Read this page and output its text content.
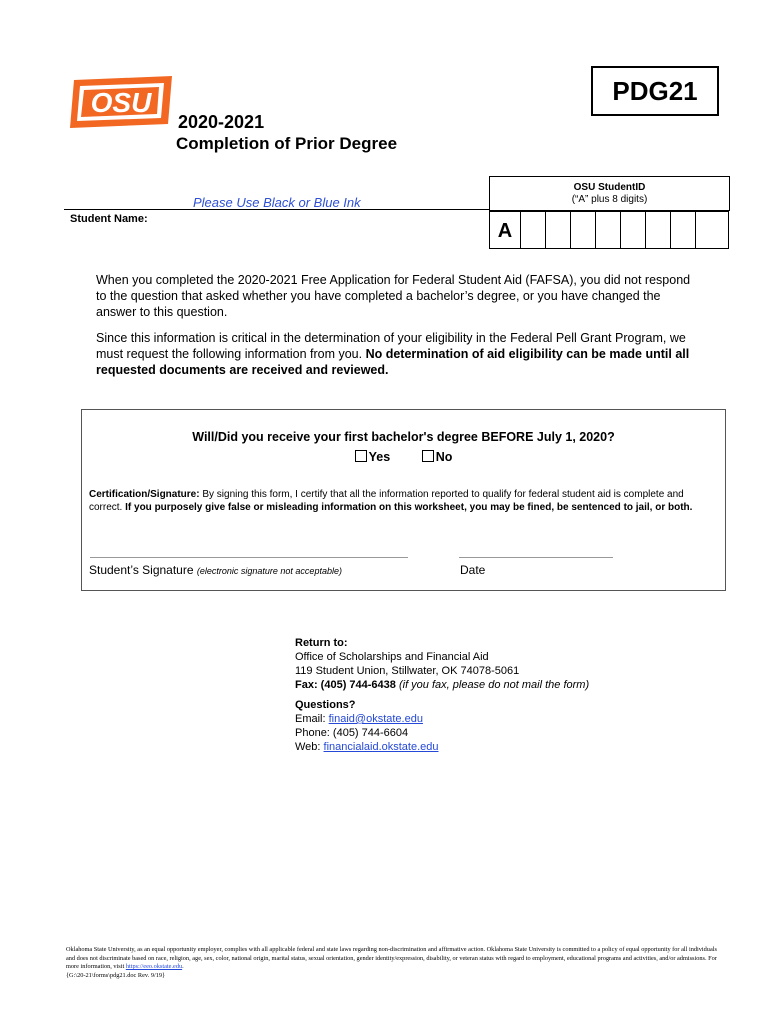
OSU	PDG21
2020-2021
Completion of Prior Degree
Please Use Black or Blue Ink
Student Name:
OSU StudentID
(“A” plus 8 digits)
A
When you completed the 2020-2021 Free Application for Federal Student Aid (FAFSA), you did not respond to the question that asked whether you have completed a bachelor’s degree, or you have changed the answer to this question.
Since this information is critical in the determination of your eligibility in the Federal Pell Grant Program, we must request the following information from you. No determination of aid eligibility can be made until all requested documents are received and reviewed.
Will/Did you receive your first bachelor's degree BEFORE July 1, 2020?
Yes	No
Certification/Signature: By signing this form, I certify that all the information reported to qualify for federal student aid is complete and correct. If you purposely give false or misleading information on this worksheet, you may be fined, be sentenced to jail, or both.
Student’s Signature (electronic signature not acceptable)	Date
Return to:
Office of Scholarships and Financial Aid
119 Student Union, Stillwater, OK 74078-5061
Fax: (405) 744-6438 (if you fax, please do not mail the form)
Questions?
Email: finaid@okstate.edu
Phone: (405) 744-6604
Web: financialaid.okstate.edu
Oklahoma State University, as an equal opportunity employer, complies with all applicable federal and state laws regarding non-discrimination and affirmative action. Oklahoma State University is committed to a policy of equal opportunity for all individuals and does not discriminate based on race, religion, age, sex, color, national origin, marital status, sexual orientation, gender identity/expression, disability, or veteran status with regard to employment, educational programs and activities, and/or admissions. For more information, visit https://eeo.okstate.edu.
{G:\20-21\forms\pdg21.doc Rev. 9/19}
